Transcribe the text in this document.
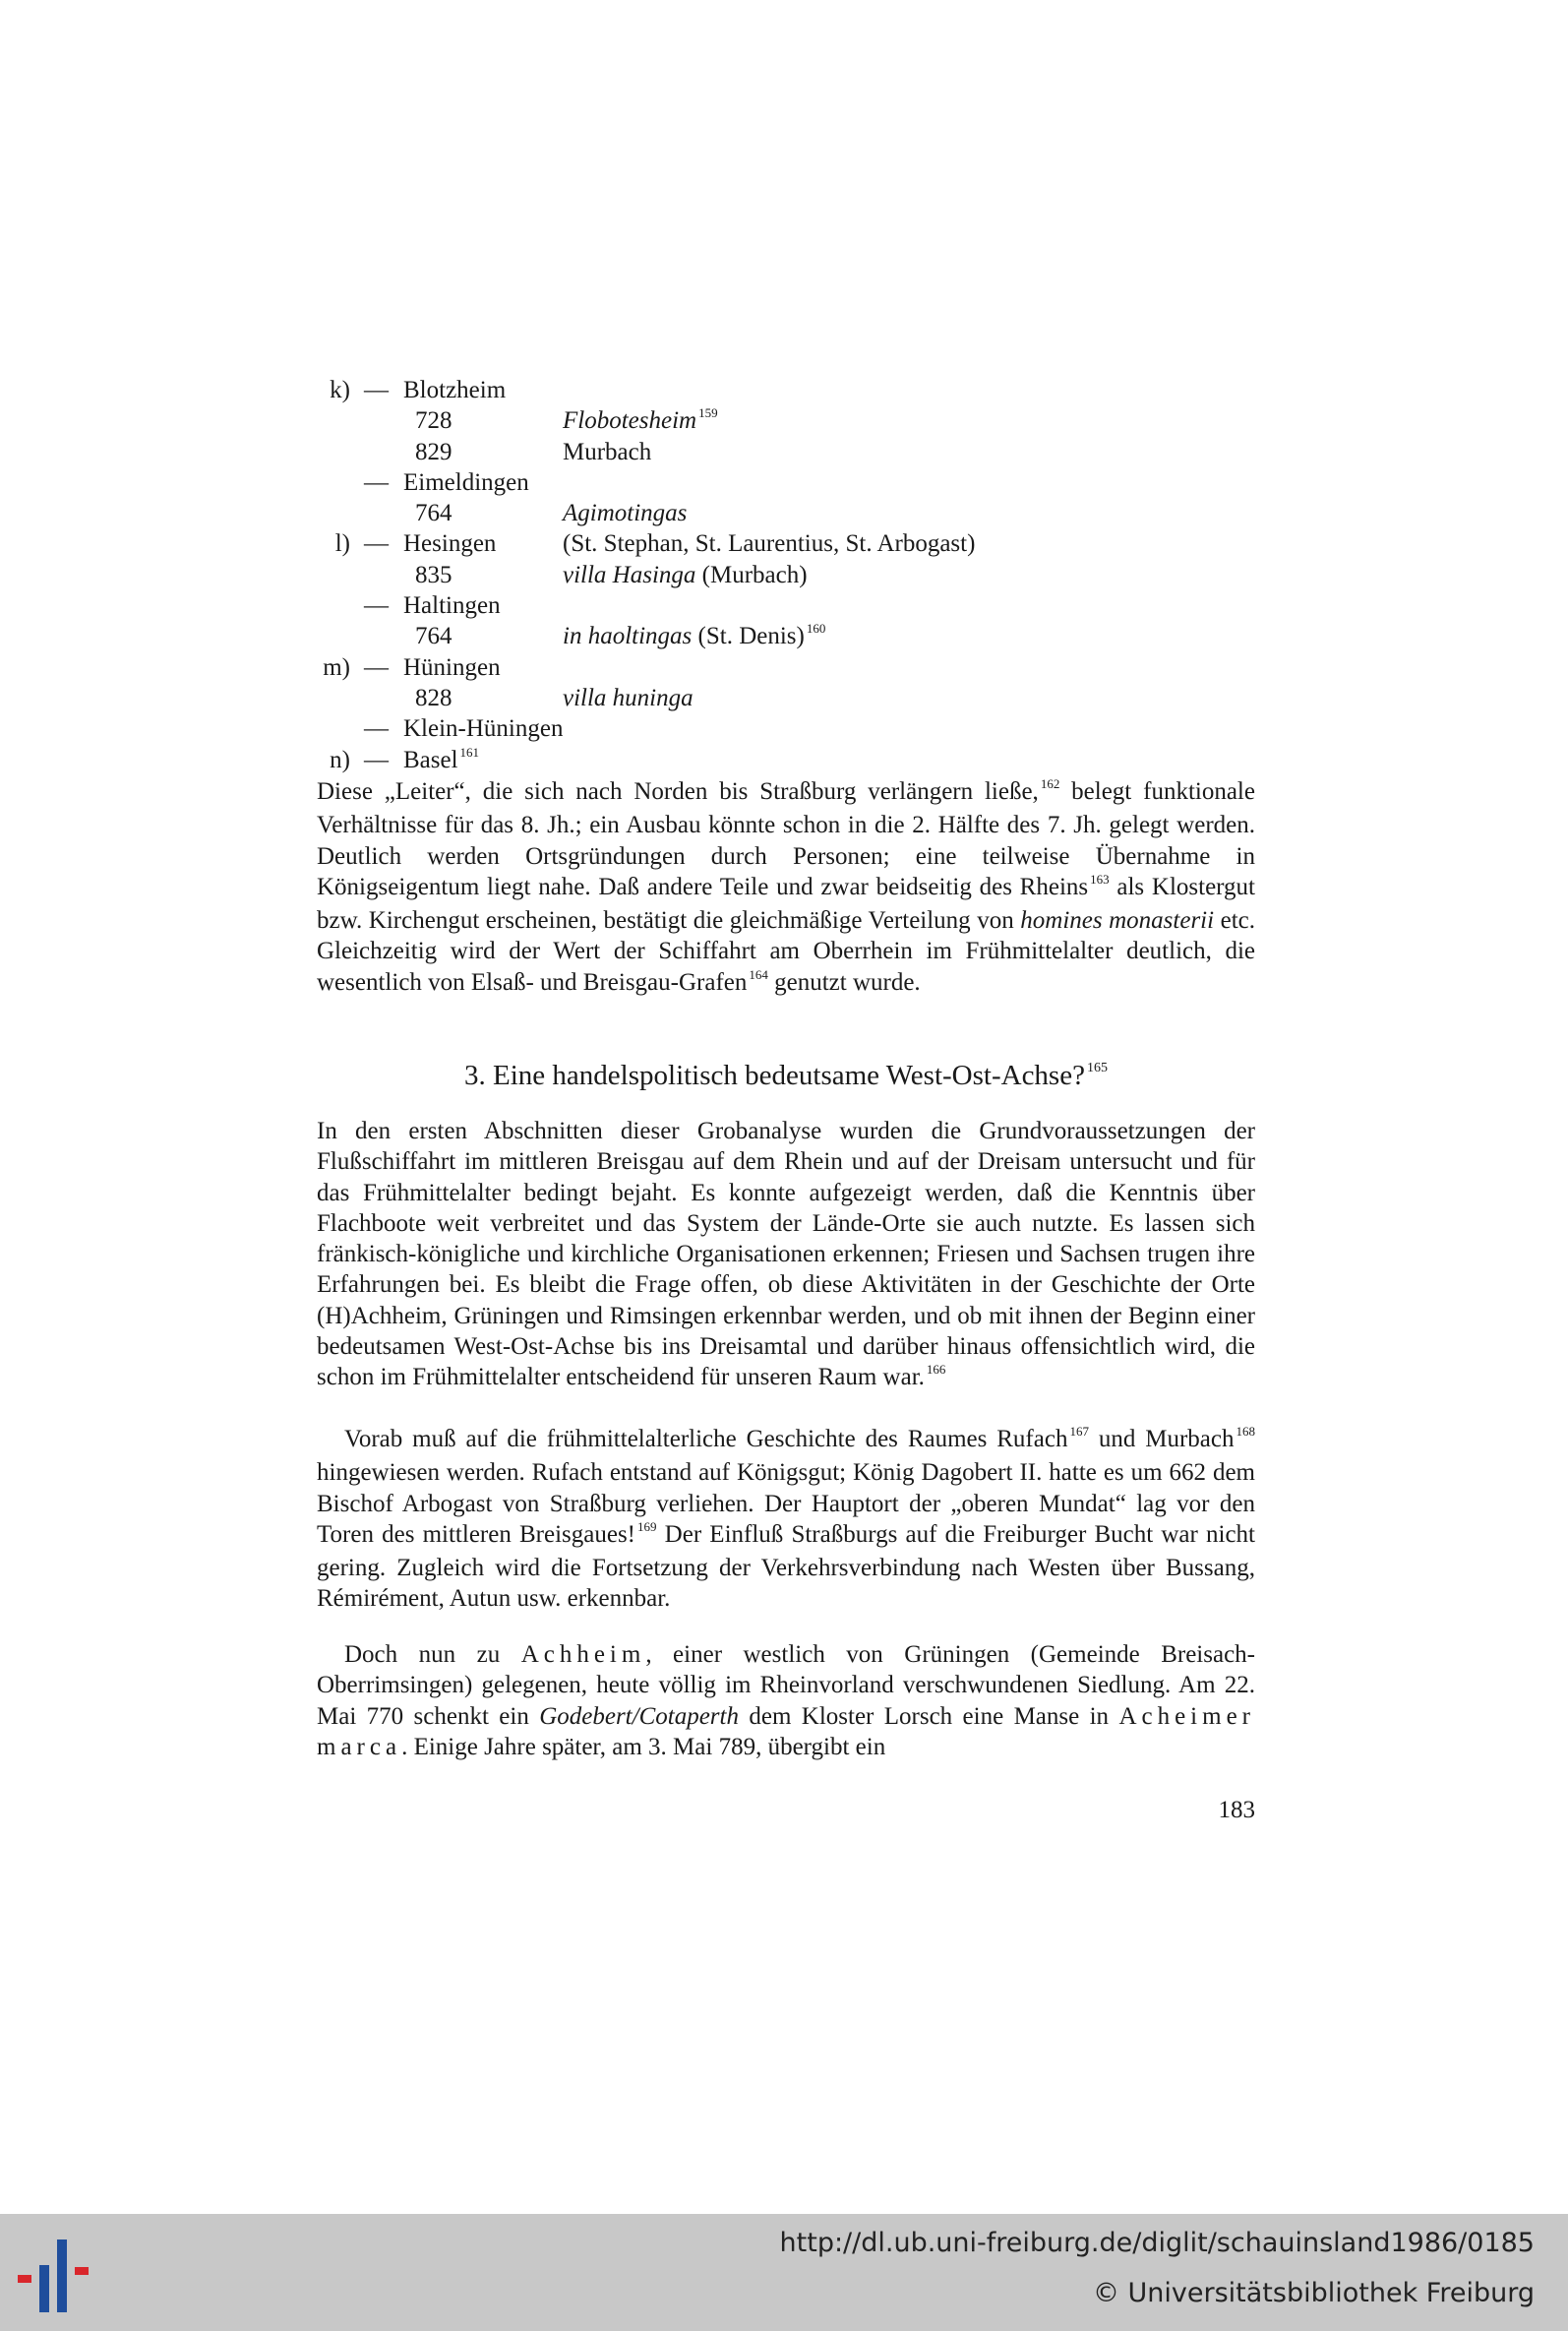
k) — Blotzheim
728	Flobotesheim $^{159}$
829	Murbach
— Eimeldingen
764	Agimotingas
l) — Hesingen	(St. Stephan, St. Laurentius, St. Arbogast)
835	villa Hasinga (Murbach)
— Haltingen
764	in haoltingas (St. Denis) $^{160}$
m) — Hüningen
828	villa huninga
— Klein-Hüningen
n) — Basel $^{161}$

Diese „Leiter“, die sich nach Norden bis Straßburg verlängern ließe, $^{162}$ belegt funktionale Verhältnisse für das 8. Jh.; ein Ausbau könnte schon in die 2. Hälfte des 7. Jh. gelegt werden. Deutlich werden Ortsgründungen durch Personen; eine teilweise Übernahme in Königseigentum liegt nahe. Daß andere Teile und zwar beidseitig des Rheins $^{163}$ als Klostergut bzw. Kirchengut erscheinen, bestätigt die gleichmäßige Verteilung von homines monasterii etc. Gleichzeitig wird der Wert der Schiffahrt am Oberrhein im Frühmittelalter deutlich, die wesentlich von Elsaß- und Breisgau-Grafen $^{164}$ genutzt wurde.

3. Eine handelspolitisch bedeutsame West-Ost-Achse? $^{165}$

In den ersten Abschnitten dieser Grobanalyse wurden die Grundvoraussetzungen der Flußschiffahrt im mittleren Breisgau auf dem Rhein und auf der Dreisam untersucht und für das Frühmittelalter bedingt bejaht. Es konnte aufgezeigt werden, daß die Kenntnis über Flachboote weit verbreitet und das System der Lände-Orte sie auch nutzte. Es lassen sich fränkisch-königliche und kirchliche Organisationen erkennen; Friesen und Sachsen trugen ihre Erfahrungen bei. Es bleibt die Frage offen, ob diese Aktivitäten in der Geschichte der Orte (H)Achheim, Grüningen und Rimsingen erkennbar werden, und ob mit ihnen der Beginn einer bedeutsamen West-Ost-Achse bis ins Dreisamtal und darüber hinaus offensichtlich wird, die schon im Frühmittelalter entscheidend für unseren Raum war. $^{166}$

Vorab muß auf die frühmittelalterliche Geschichte des Raumes Rufach $^{167}$ und Murbach $^{168}$ hingewiesen werden. Rufach entstand auf Königsgut; König Dagobert II. hatte es um 662 dem Bischof Arbogast von Straßburg verliehen. Der Hauptort der „oberen Mundat“ lag vor den Toren des mittleren Breisgaues! $^{169}$ Der Einfluß Straßburgs auf die Freiburger Bucht war nicht gering. Zugleich wird die Fortsetzung der Verkehrsverbindung nach Westen über Bussang, Rémirément, Autun usw. erkennbar.

Doch nun zu Achheim, einer westlich von Grüningen (Gemeinde Breisach-Oberrimsingen) gelegenen, heute völlig im Rheinvorland verschwundenen Siedlung. Am 22. Mai 770 schenkt ein Godebert/Cotaperth dem Kloster Lorsch eine Manse in Acheimer marca. Einige Jahre später, am 3. Mai 789, übergibt ein

183
http://dl.ub.uni-freiburg.de/diglit/schauinsland1986/0185
© Universitätsbibliothek Freiburg
